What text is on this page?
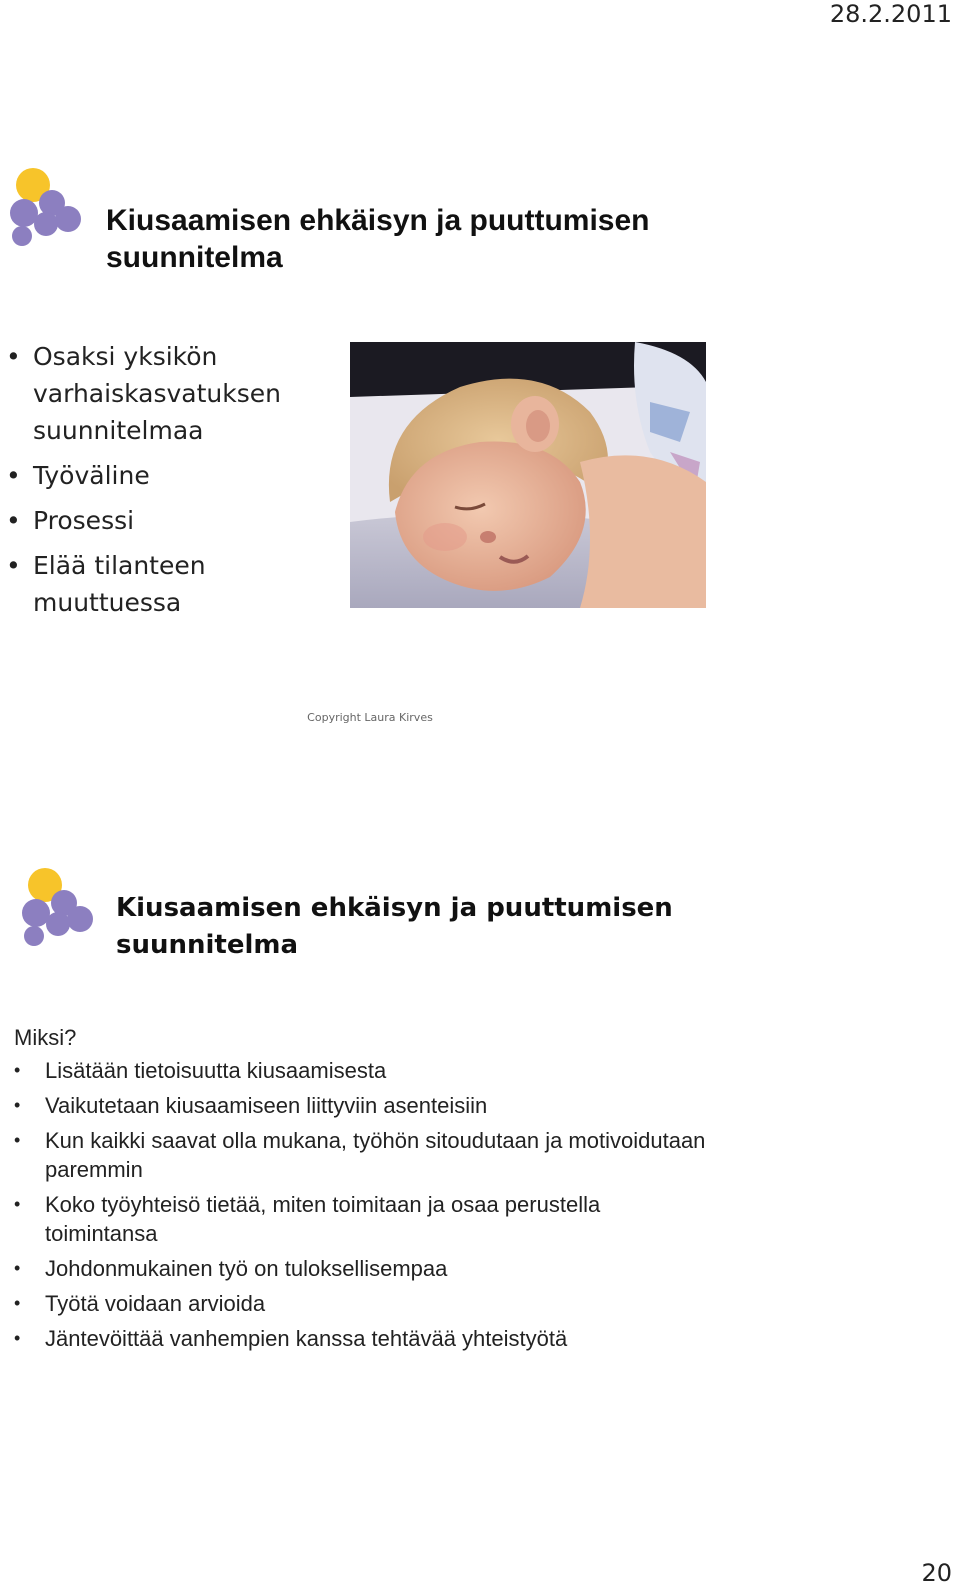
28.2.2011
Kiusaamisen ehkäisyn ja puuttumisen suunnitelma
• Osaksi yksikön varhaiskasvatuksen suunnitelmaa
• Työväline
• Prosessi
• Elää tilanteen muuttuessa
Copyright Laura Kirves
Kiusaamisen ehkäisyn ja puuttumisen suunnitelma
Miksi?
• Lisätään tietoisuutta kiusaamisesta
• Vaikutetaan kiusaamiseen liittyviin asenteisiin
• Kun kaikki saavat olla mukana, työhön sitoudutaan ja motivoidutaan paremmin
• Koko työyhteisö tietää, miten toimitaan ja osaa perustella toimintansa
• Johdonmukainen työ on tuloksellisempaa
• Työtä voidaan arvioida
• Jäntevöittää vanhempien kanssa tehtävää yhteistyötä
20
